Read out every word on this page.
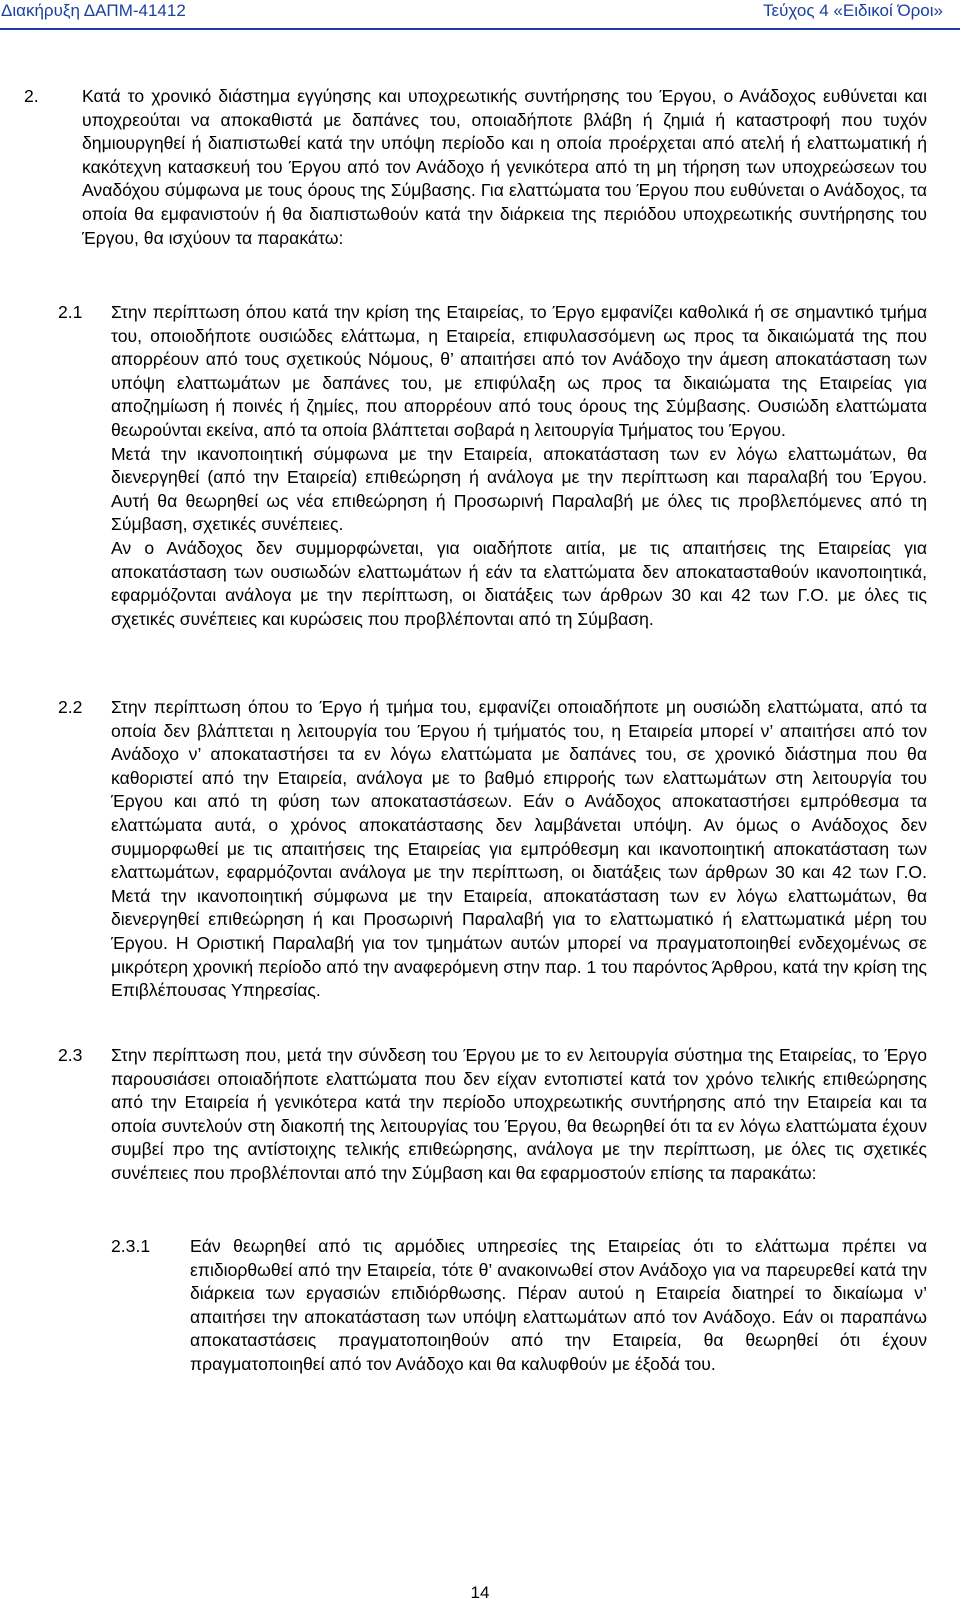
Διακήρυξη ΔΑΠΜ-41412	Τεύχος 4 «Ειδικοί Όροι»
2. Κατά το χρονικό διάστημα εγγύησης και υποχρεωτικής συντήρησης του Έργου, ο Ανάδοχος ευθύνεται και υποχρεούται να αποκαθιστά με δαπάνες του, οποιαδήποτε βλάβη ή ζημιά ή καταστροφή που τυχόν δημιουργηθεί ή διαπιστωθεί κατά την υπόψη περίοδο και η οποία προέρχεται από ατελή ή ελαττωματική ή κακότεχνη κατασκευή του Έργου από τον Ανάδοχο ή γενικότερα από τη μη τήρηση των υποχρεώσεων του Αναδόχου σύμφωνα με τους όρους της Σύμβασης. Για ελαττώματα του Έργου που ευθύνεται ο Ανάδοχος, τα οποία θα εμφανιστούν ή θα διαπιστωθούν κατά την διάρκεια της περιόδου υποχρεωτικής συντήρησης του Έργου, θα ισχύουν τα παρακάτω:
2.1 Στην περίπτωση όπου κατά την κρίση της Εταιρείας, το Έργο εμφανίζει καθολικά ή σε σημαντικό τμήμα του, οποιοδήποτε ουσιώδες ελάττωμα, η Εταιρεία, επιφυλασσόμενη ως προς τα δικαιώματά της που απορρέουν από τους σχετικούς Νόμους, θ’ απαιτήσει από τον Ανάδοχο την άμεση αποκατάσταση των υπόψη ελαττωμάτων με δαπάνες του, με επιφύλαξη ως προς τα δικαιώματα της Εταιρείας για αποζημίωση ή ποινές ή ζημίες, που απορρέουν από τους όρους της Σύμβασης. Ουσιώδη ελαττώματα θεωρούνται εκείνα, από τα οποία βλάπτεται σοβαρά η λειτουργία Τμήματος του Έργου.

Μετά την ικανοποιητική σύμφωνα με την Εταιρεία, αποκατάσταση των εν λόγω ελαττωμάτων, θα διενεργηθεί (από την Εταιρεία) επιθεώρηση ή ανάλογα με την περίπτωση και παραλαβή του Έργου. Αυτή θα θεωρηθεί ως νέα επιθεώρηση ή Προσωρινή Παραλαβή με όλες τις προβλεπόμενες από τη Σύμβαση, σχετικές συνέπειες.

Αν ο Ανάδοχος δεν συμμορφώνεται, για οιαδήποτε αιτία, με τις απαιτήσεις της Εταιρείας για αποκατάσταση των ουσιωδών ελαττωμάτων ή εάν τα ελαττώματα δεν αποκατασταθούν ικανοποιητικά, εφαρμόζονται ανάλογα με την περίπτωση, οι διατάξεις των άρθρων 30 και 42 των Γ.Ο. με όλες τις σχετικές συνέπειες και κυρώσεις που προβλέπονται από τη Σύμβαση.

2.2 Στην περίπτωση όπου το Έργο ή τμήμα του, εμφανίζει οποιαδήποτε μη ουσιώδη ελαττώματα, από τα οποία δεν βλάπτεται η λειτουργία του Έργου ή τμήματός του, η Εταιρεία μπορεί ν’ απαιτήσει από τον Ανάδοχο ν’ αποκαταστήσει τα εν λόγω ελαττώματα με δαπάνες του, σε χρονικό διάστημα που θα καθοριστεί από την Εταιρεία, ανάλογα με το βαθμό επιρροής των ελαττωμάτων στη λειτουργία του Έργου και από τη φύση των αποκαταστάσεων. Εάν ο Ανάδοχος αποκαταστήσει εμπρόθεσμα τα ελαττώματα αυτά, ο χρόνος αποκατάστασης δεν λαμβάνεται υπόψη. Αν όμως ο Ανάδοχος δεν συμμορφωθεί με τις απαιτήσεις της Εταιρείας για εμπρόθεσμη και ικανοποιητική αποκατάσταση των ελαττωμάτων, εφαρμόζονται ανάλογα με την περίπτωση, οι διατάξεις των άρθρων 30 και 42 των Γ.Ο. Μετά την ικανοποιητική σύμφωνα με την Εταιρεία, αποκατάσταση των εν λόγω ελαττωμάτων, θα διενεργηθεί επιθεώρηση ή και Προσωρινή Παραλαβή για το ελαττωματικό ή ελαττωματικά μέρη του Έργου. Η Οριστική Παραλαβή για τον τμημάτων αυτών μπορεί να πραγματοποιηθεί ενδεχομένως σε μικρότερη χρονική περίοδο από την αναφερόμενη στην παρ. 1 του παρόντος Άρθρου, κατά την κρίση της Επιβλέπουσας Υπηρεσίας.
2.3 Στην περίπτωση που, μετά την σύνδεση του Έργου με το εν λειτουργία σύστημα της Εταιρείας, το Έργο παρουσιάσει οποιαδήποτε ελαττώματα που δεν είχαν εντοπιστεί κατά τον χρόνο τελικής επιθεώρησης από την Εταιρεία ή γενικότερα κατά την περίοδο υποχρεωτικής συντήρησης από την Εταιρεία και τα οποία συντελούν στη διακοπή της λειτουργίας του Έργου, θα θεωρηθεί ότι τα εν λόγω ελαττώματα έχουν συμβεί προ της αντίστοιχης τελικής επιθεώρησης, ανάλογα με την περίπτωση, με όλες τις σχετικές συνέπειες που προβλέπονται από την Σύμβαση και θα εφαρμοστούν επίσης τα παρακάτω:
2.3.1 Εάν θεωρηθεί από τις αρμόδιες υπηρεσίες της Εταιρείας ότι το ελάττωμα πρέπει να επιδιορθωθεί από την Εταιρεία, τότε θ’ ανακοινωθεί στον Ανάδοχο για να παρευρεθεί κατά την διάρκεια των εργασιών επιδιόρθωσης. Πέραν αυτού η Εταιρεία διατηρεί το δικαίωμα ν’ απαιτήσει την αποκατάσταση των υπόψη ελαττωμάτων από τον Ανάδοχο. Εάν οι παραπάνω αποκαταστάσεις πραγματοποιηθούν από την Εταιρεία, θα θεωρηθεί ότι έχουν πραγματοποιηθεί από τον Ανάδοχο και θα καλυφθούν με έξοδά του.
14
